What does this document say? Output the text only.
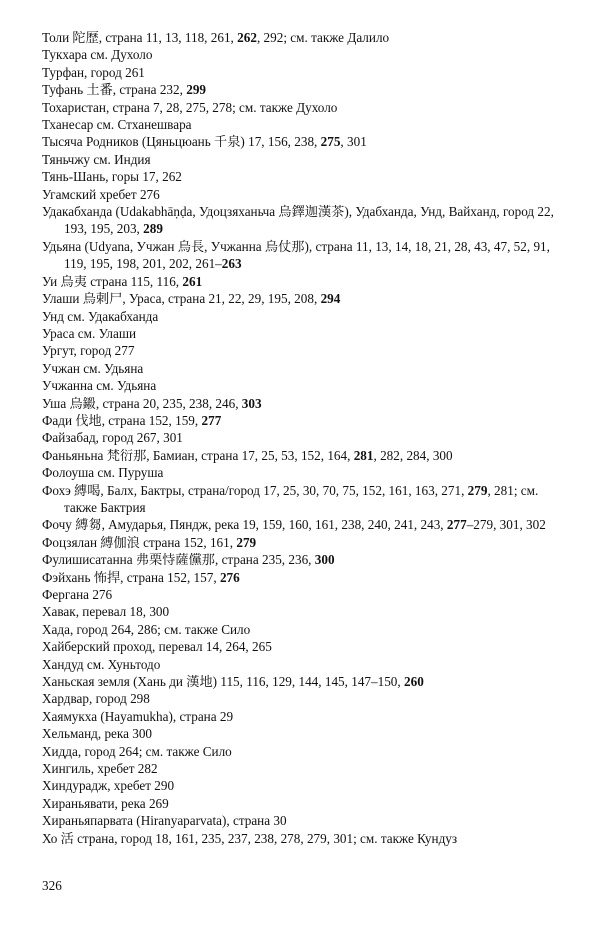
Толи 陀歷, страна 11, 13, 118, 261, 262, 292; см. также Далило
Тукхара см. Духоло
Турфан, город 261
Туфань 土番, страна 232, 299
Тохаристан, страна 7, 28, 275, 278; см. также Духоло
Тханесар см. Стханешвара
Тысяча Родников (Цяньцюань 千泉) 17, 156, 238, 275, 301
Тяньчжу см. Индия
Тянь-Шань, горы 17, 262
Угамский хребет 276
Удакабханда (Udakabhāṇḍa, Удоцзяханьча 烏鐸迦漢茶), Удабханда, Унд, Вайханд, город 22, 193, 195, 203, 289
Удьяна (Udyana, Учжан 烏長, Учжанна 烏仗那), страна 11, 13, 14, 18, 21, 28, 43, 47, 52, 91, 119, 195, 198, 201, 202, 261–263
Уи 烏夷 страна 115, 116, 261
Улаши 烏剌尸, Ураса, страна 21, 22, 29, 195, 208, 294
Унд см. Удакабханда
Ураса см. Улаши
Ургут, город 277
Учжан см. Удьяна
Учжанна см. Удьяна
Уша 烏鎩, страна 20, 235, 238, 246, 303
Фади 伐地, страна 152, 159, 277
Файзабад, город 267, 301
Фаньяньна 梵衍那, Бамиан, страна 17, 25, 53, 152, 164, 281, 282, 284, 300
Фолоуша см. Пуруша
Фохэ 縛喝, Балх, Бактры, страна/город 17, 25, 30, 70, 75, 152, 161, 163, 271, 279, 281; см. также Бактрия
Фочу 縛芻, Амударья, Пяндж, река 19, 159, 160, 161, 238, 240, 241, 243, 277–279, 301, 302
Фоцзялан 縛伽浪 страна 152, 161, 279
Фулишисатанна 弗栗恃薩儻那, страна 235, 236, 300
Фэйхань 怖捍, страна 152, 157, 276
Фергана 276
Хавак, перевал 18, 300
Хада, город 264, 286; см. также Сило
Хайберский проход, перевал 14, 264, 265
Хандуд см. Хуньтодо
Ханьская земля (Хань ди 漢地) 115, 116, 129, 144, 145, 147–150, 260
Хардвар, город 298
Хаямукха (Hayamukha), страна 29
Хельманд, река 300
Хидда, город 264; см. также Сило
Хингиль, хребет 282
Хиндурадж, хребет 290
Хираньявати, река 269
Хираньяпарвата (Hiranyaparvata), страна 30
Хо 活 страна, город 18, 161, 235, 237, 238, 278, 279, 301; см. также Кундуз
326
